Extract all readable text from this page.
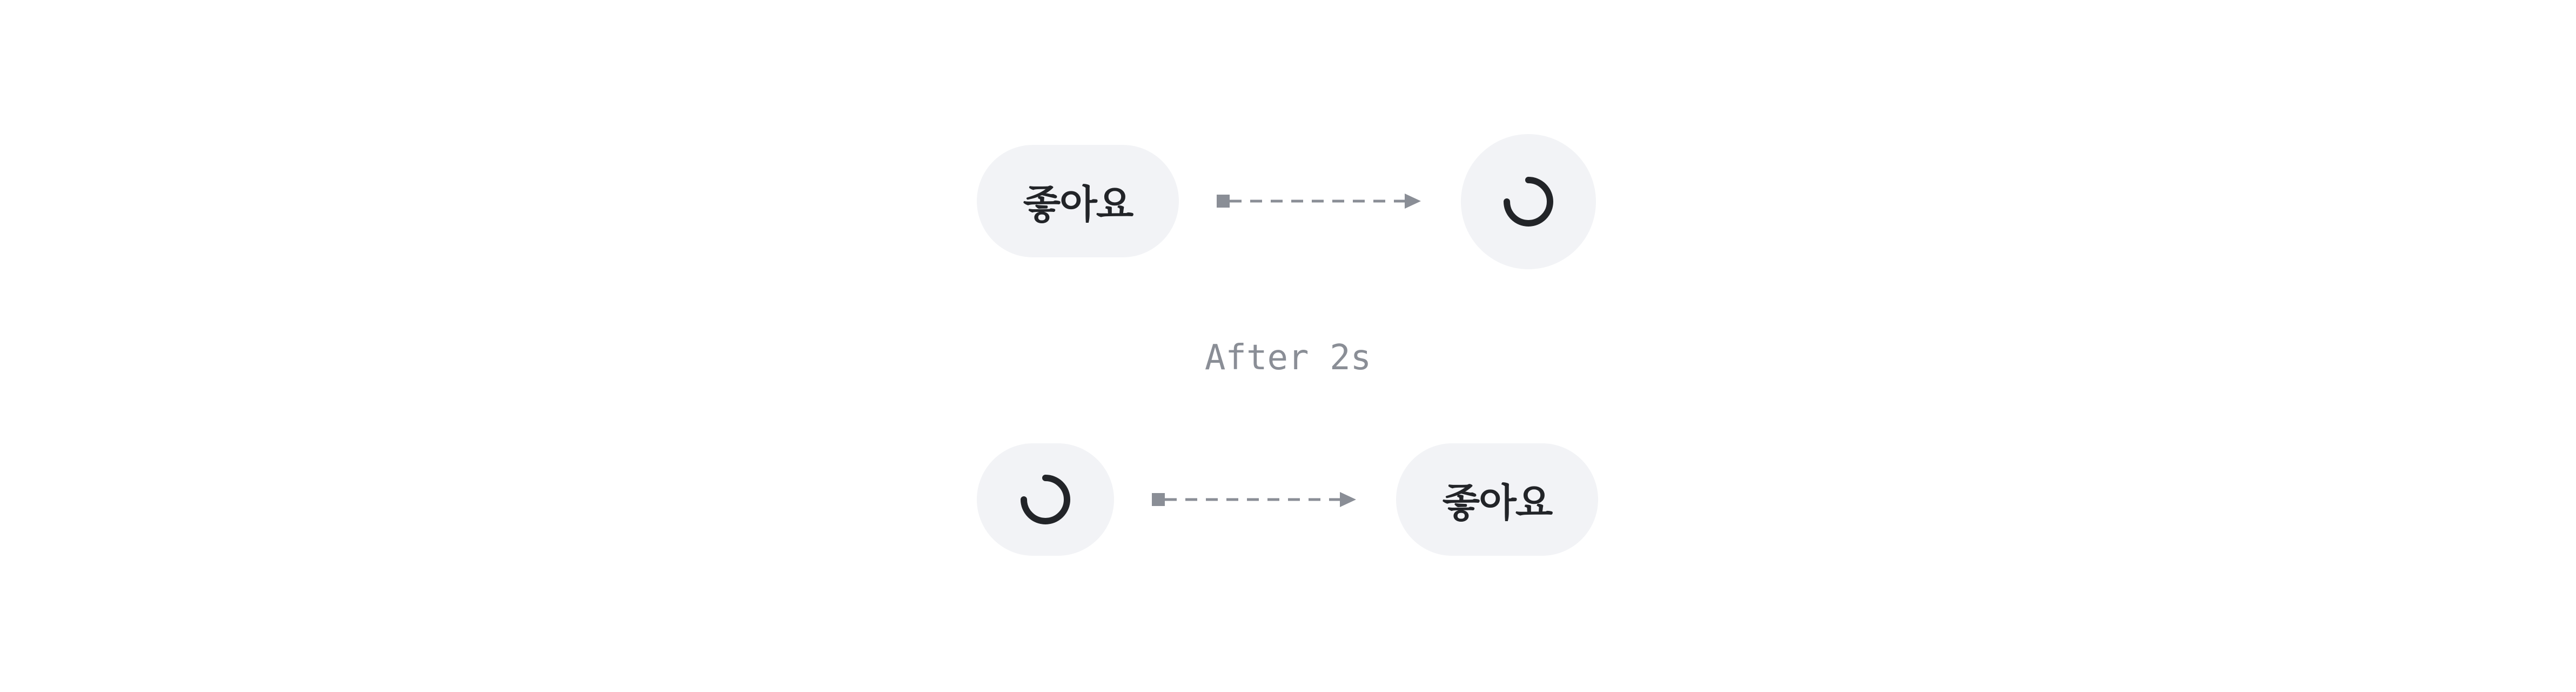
좋아요
After 2s
좋아요
